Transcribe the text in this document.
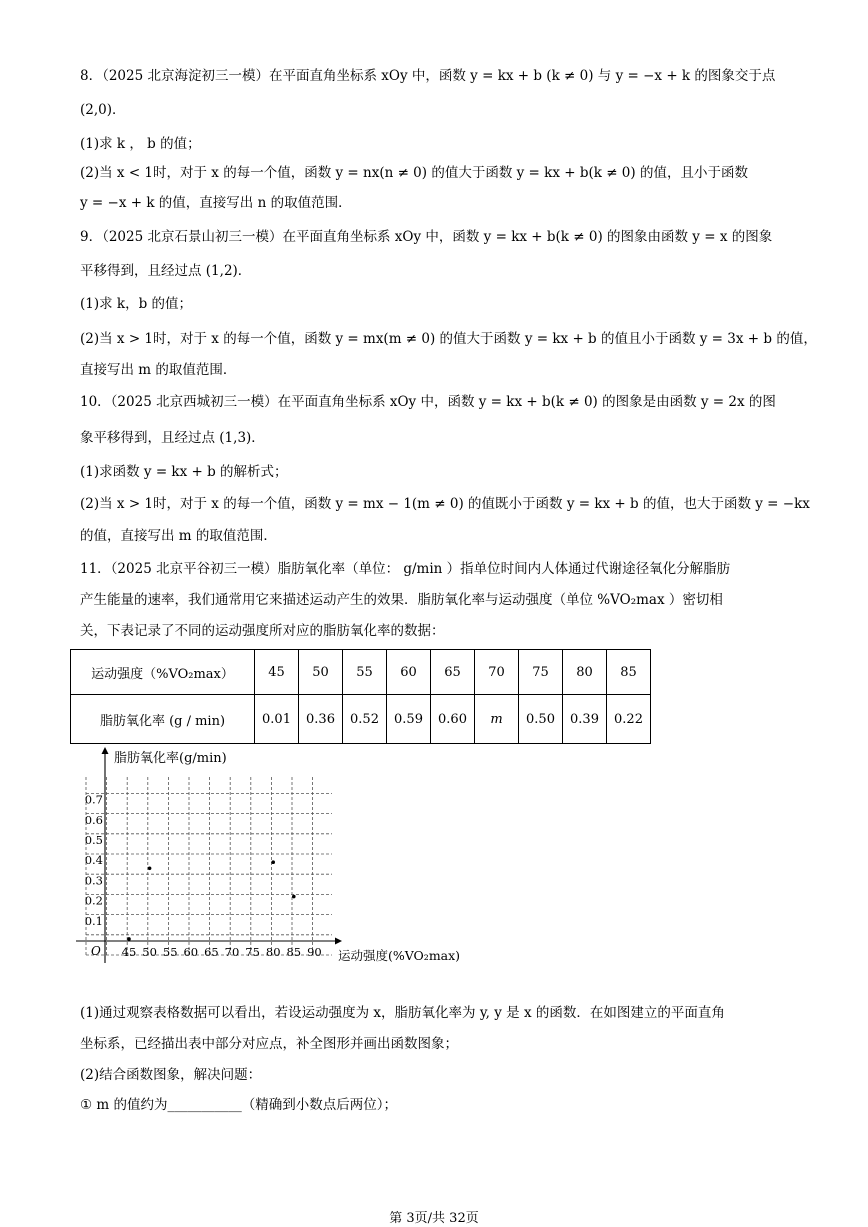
8．（2025 北京海淀初三一模）在平面直角坐标系 xOy 中，函数 y = kx + b (k ≠ 0) 与 y = −x + k 的图象交于点
(2,0)．
(1)求 k ， b 的值；
(2)当 x < 1时，对于 x 的每一个值，函数 y = nx(n ≠ 0) 的值大于函数 y = kx + b(k ≠ 0) 的值，且小于函数
y = −x + k 的值，直接写出 n 的取值范围．
9．（2025 北京石景山初三一模）在平面直角坐标系 xOy 中，函数 y = kx + b(k ≠ 0) 的图象由函数 y = x 的图象
平移得到，且经过点 (1,2)．
(1)求 k，b 的值；
(2)当 x > 1时，对于 x 的每一个值，函数 y = mx(m ≠ 0) 的值大于函数 y = kx + b 的值且小于函数 y = 3x + b 的值，
直接写出 m 的取值范围．
10．（2025 北京西城初三一模）在平面直角坐标系 xOy 中，函数 y = kx + b(k ≠ 0) 的图象是由函数 y = 2x 的图
象平移得到，且经过点 (1,3)．
(1)求函数 y = kx + b 的解析式；
(2)当 x > 1时，对于 x 的每一个值，函数 y = mx − 1(m ≠ 0) 的值既小于函数 y = kx + b 的值，也大于函数 y = −kx
的值，直接写出 m 的取值范围．
11．（2025 北京平谷初三一模）脂肪氧化率（单位： g/min ）指单位时间内人体通过代谢途径氧化分解脂肪
产生能量的速率，我们通常用它来描述运动产生的效果．脂肪氧化率与运动强度（单位 %VO₂max ）密切相
关，下表记录了不同的运动强度所对应的脂肪氧化率的数据：
运动强度（%VO₂max）	45	50	55	60	65	70	75	80	85
脂肪氧化率 (g / min)	0.01	0.36	0.52	0.59	0.60	m	0.50	0.39	0.22
0.1
0.2
0.3
0.4
0.5
0.6
0.7
45 50 55 60 65 70 75 80 85 90
脂肪氧化率(g/min)
运动强度(%VO₂max)
O
(1)通过观察表格数据可以看出，若设运动强度为 x，脂肪氧化率为 y, y 是 x 的函数．在如图建立的平面直角
坐标系，已经描出表中部分对应点，补全图形并画出函数图象；
(2)结合函数图象，解决问题：
① m 的值约为___________（精确到小数点后两位）；
第 3页/共 32页
